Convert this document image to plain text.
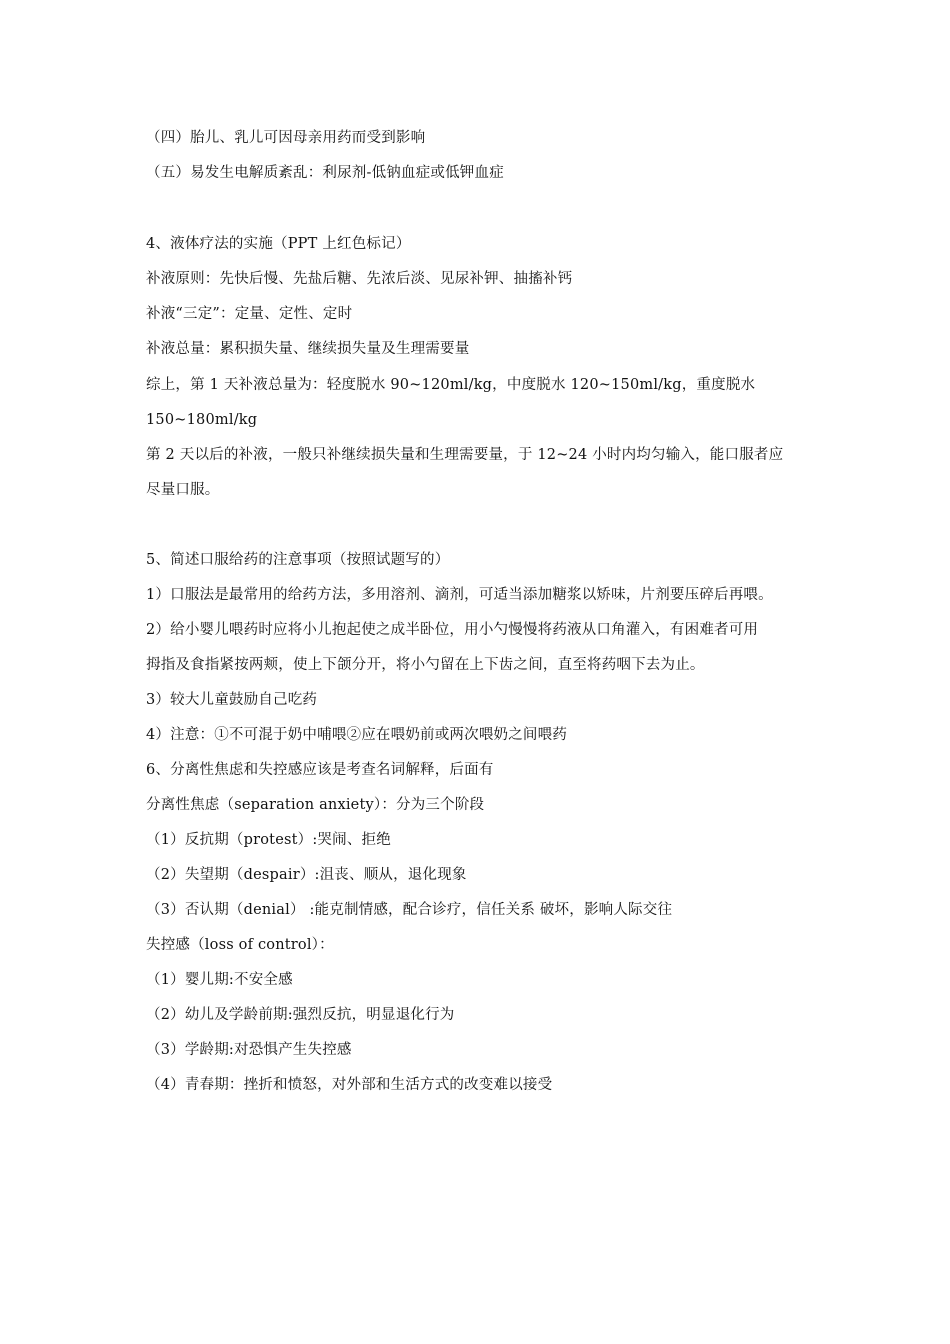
（四）胎儿、乳儿可因母亲用药而受到影响
（五）易发生电解质紊乱：利尿剂-低钠血症或低钾血症
4、液体疗法的实施（PPT 上红色标记）
补液原则：先快后慢、先盐后糖、先浓后淡、见尿补钾、抽搐补钙
补液“三定”：定量、定性、定时
补液总量：累积损失量、继续损失量及生理需要量
综上，第 1 天补液总量为：轻度脱水 90~120ml/kg，中度脱水 120~150ml/kg，重度脱水
150~180ml/kg
第 2 天以后的补液，一般只补继续损失量和生理需要量，于 12~24 小时内均匀输入，能口服者应
尽量口服。
5、简述口服给药的注意事项（按照试题写的）
1）口服法是最常用的给药方法，多用溶剂、滴剂，可适当添加糖浆以矫味，片剂要压碎后再喂。
2）给小婴儿喂药时应将小儿抱起使之成半卧位，用小勺慢慢将药液从口角灌入，有困难者可用
拇指及食指紧按两颊，使上下颌分开，将小勺留在上下齿之间，直至将药咽下去为止。
3）较大儿童鼓励自己吃药
4）注意：①不可混于奶中哺喂②应在喂奶前或两次喂奶之间喂药
6、分离性焦虑和失控感应该是考查名词解释，后面有
分离性焦虑（separation anxiety）：分为三个阶段
（1）反抗期（protest）:哭闹、拒绝
（2）失望期（despair）:沮丧、顺从，退化现象
（3）否认期（denial） :能克制情感，配合诊疗，信任关系 破坏，影响人际交往
失控感（loss of control）：
（1）婴儿期:不安全感
（2）幼儿及学龄前期:强烈反抗，明显退化行为
（3）学龄期:对恐惧产生失控感
（4）青春期：挫折和愤怒，对外部和生活方式的改变难以接受
